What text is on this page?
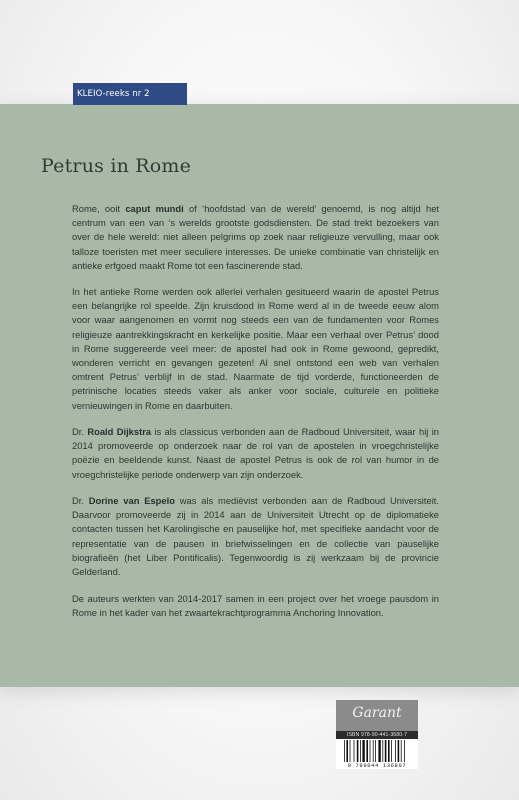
KLEIO-reeks nr 2
Petrus in Rome

Rome, ooit caput mundi of ‘hoofdstad van de wereld’ genoemd, is nog altijd het centrum van een van ‘s werelds grootste godsdiensten. De stad trekt bezoekers van over de hele wereld: niet alleen pelgrims op zoek naar religieuze vervulling, maar ook talloze toeristen met meer seculiere interesses. De unieke combinatie van christelijk en antieke erfgoed maakt Rome tot een fascinerende stad.

In het antieke Rome werden ook allerlei verhalen gesitueerd waarin de apostel Petrus een belangrijke rol speelde. Zijn kruisdood in Rome werd al in de tweede eeuw alom voor waar aangenomen en vormt nog steeds een van de fundamenten voor Romes religieuze aantrekkingskracht en kerkelijke positie. Maar een verhaal over Petrus’ dood in Rome suggereerde veel meer: de apostel had ook in Rome gewoond, gepredikt, wonderen verricht en gevangen gezeten! Al snel ontstond een web van verhalen omtrent Petrus’ verblijf in de stad. Naarmate de tijd vorderde, functioneerden de petrinische locaties steeds vaker als anker voor sociale, culturele en politieke vernieuwingen in Rome en daarbuiten.

Dr. Roald Dijkstra is als classicus verbonden aan de Radboud Universiteit, waar hij in 2014 promoveerde op onderzoek naar de rol van de apostelen in vroegchristelijke poëzie en beeldende kunst. Naast de apostel Petrus is ook de rol van humor in de vroegchristelijke periode onderwerp van zijn onderzoek.

Dr. Dorine van Espelo was als mediëvist verbonden aan de Radboud Universiteit. Daarvoor promoveerde zij in 2014 aan de Universiteit Utrecht op de diplomatieke contacten tussen het Karolingische en pauselijke hof, met specifieke aandacht voor de representatie van de pausen in briefwisselingen en de collectie van pauselijke biografieën (het Liber Pontificalis). Tegenwoordig is zij werkzaam bij de provincie Gelderland.

De auteurs werkten van 2014-2017 samen in een project over het vroege pausdom in Rome in het kader van het zwaartekrachtprogramma Anchoring Innovation.

Garant
ISBN 978-90-441-3680-7
9 789044 136807
